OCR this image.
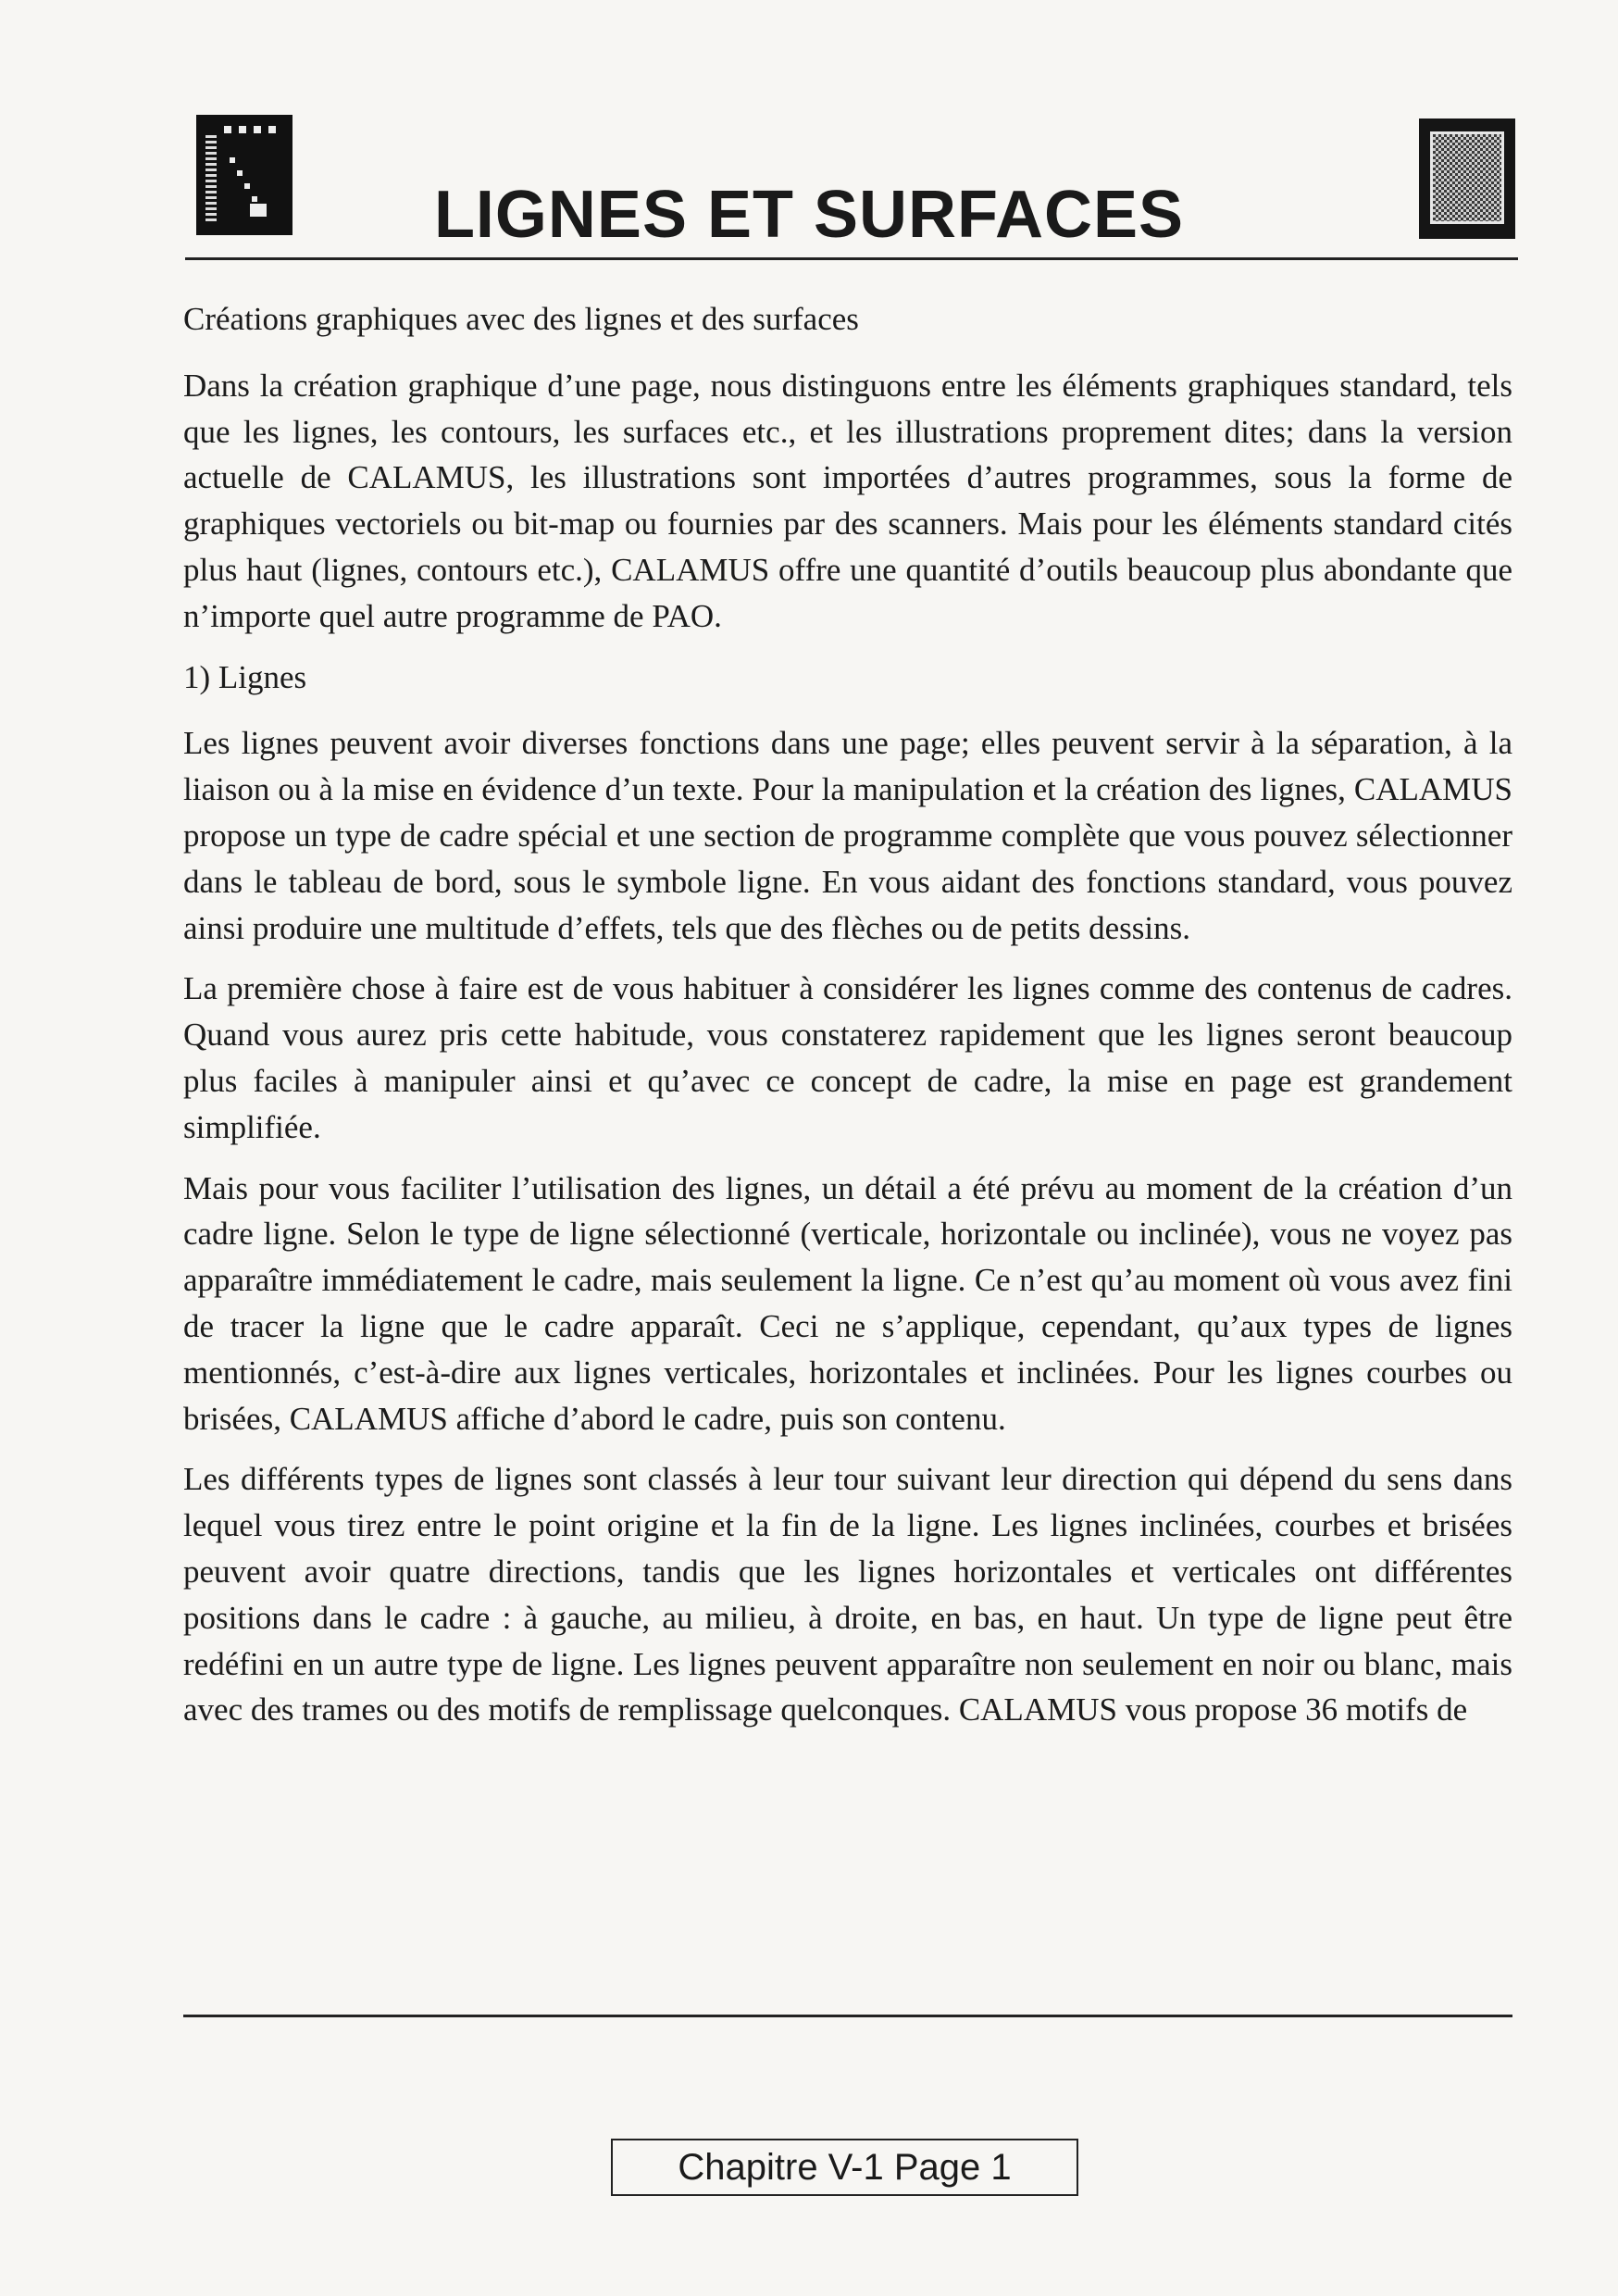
LIGNES ET SURFACES

Créations graphiques avec des lignes et des surfaces

Dans la création graphique d’une page, nous distinguons entre les éléments graphiques standard, tels que les lignes, les contours, les surfaces etc., et les illustrations proprement dites; dans la version actuelle de CALAMUS, les illustrations sont importées d’autres programmes, sous la forme de graphiques vectoriels ou bit-map ou fournies par des scanners. Mais pour les éléments standard cités plus haut (lignes, contours etc.), CALAMUS offre une quantité d’outils beaucoup plus abondante que n’importe quel autre programme de PAO.

1) Lignes

Les lignes peuvent avoir diverses fonctions dans une page; elles peuvent servir à la séparation, à la liaison ou à la mise en évidence d’un texte. Pour la manipulation et la création des lignes, CALAMUS propose un type de cadre spécial et une section de programme complète que vous pouvez sélectionner dans le tableau de bord, sous le symbole ligne. En vous aidant des fonctions standard, vous pouvez ainsi produire une multitude d’effets, tels que des flèches ou de petits dessins.

La première chose à faire est de vous habituer à considérer les lignes comme des contenus de cadres. Quand vous aurez pris cette habitude, vous constaterez rapidement que les lignes seront beaucoup plus faciles à manipuler ainsi et qu’avec ce concept de cadre, la mise en page est grandement simplifiée.

Mais pour vous faciliter l’utilisation des lignes, un détail a été prévu au moment de la création d’un cadre ligne. Selon le type de ligne sélectionné (verticale, horizontale ou inclinée), vous ne voyez pas apparaître immédiatement le cadre, mais seulement la ligne. Ce n’est qu’au moment où vous avez fini de tracer la ligne que le cadre apparaît. Ceci ne s’applique, cependant, qu’aux types de lignes mentionnés, c’est-à-dire aux lignes verticales, horizontales et inclinées. Pour les lignes courbes ou brisées, CALAMUS affiche d’abord le cadre, puis son contenu.

Les différents types de lignes sont classés à leur tour suivant leur direction qui dépend du sens dans lequel vous tirez entre le point origine et la fin de la ligne. Les lignes inclinées, courbes et brisées peuvent avoir quatre directions, tandis que les lignes horizontales et verticales ont différentes positions dans le cadre : à gauche, au milieu, à droite, en bas, en haut. Un type de ligne peut être redéfini en un autre type de ligne. Les lignes peuvent apparaître non seulement en noir ou blanc, mais avec des trames ou des motifs de remplissage quelconques. CALAMUS vous propose 36 motifs de

Chapitre V-1 Page 1
